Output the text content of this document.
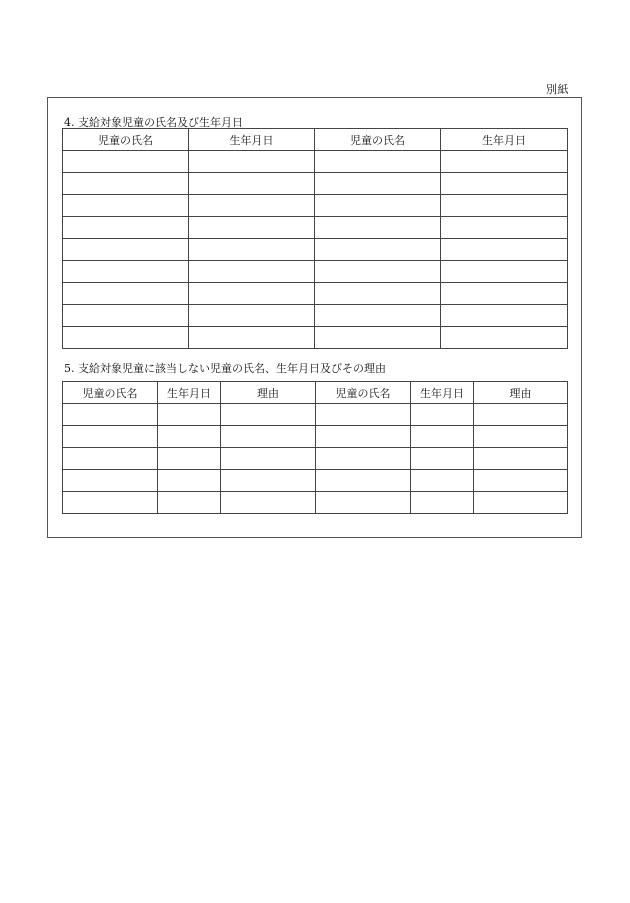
別紙
4. 支給対象児童の氏名及び生年月日
児童の氏名	生年月日	児童の氏名	生年月日

5. 支給対象児童に該当しない児童の氏名、生年月日及びその理由
児童の氏名	生年月日	理由	児童の氏名	生年月日	理由
